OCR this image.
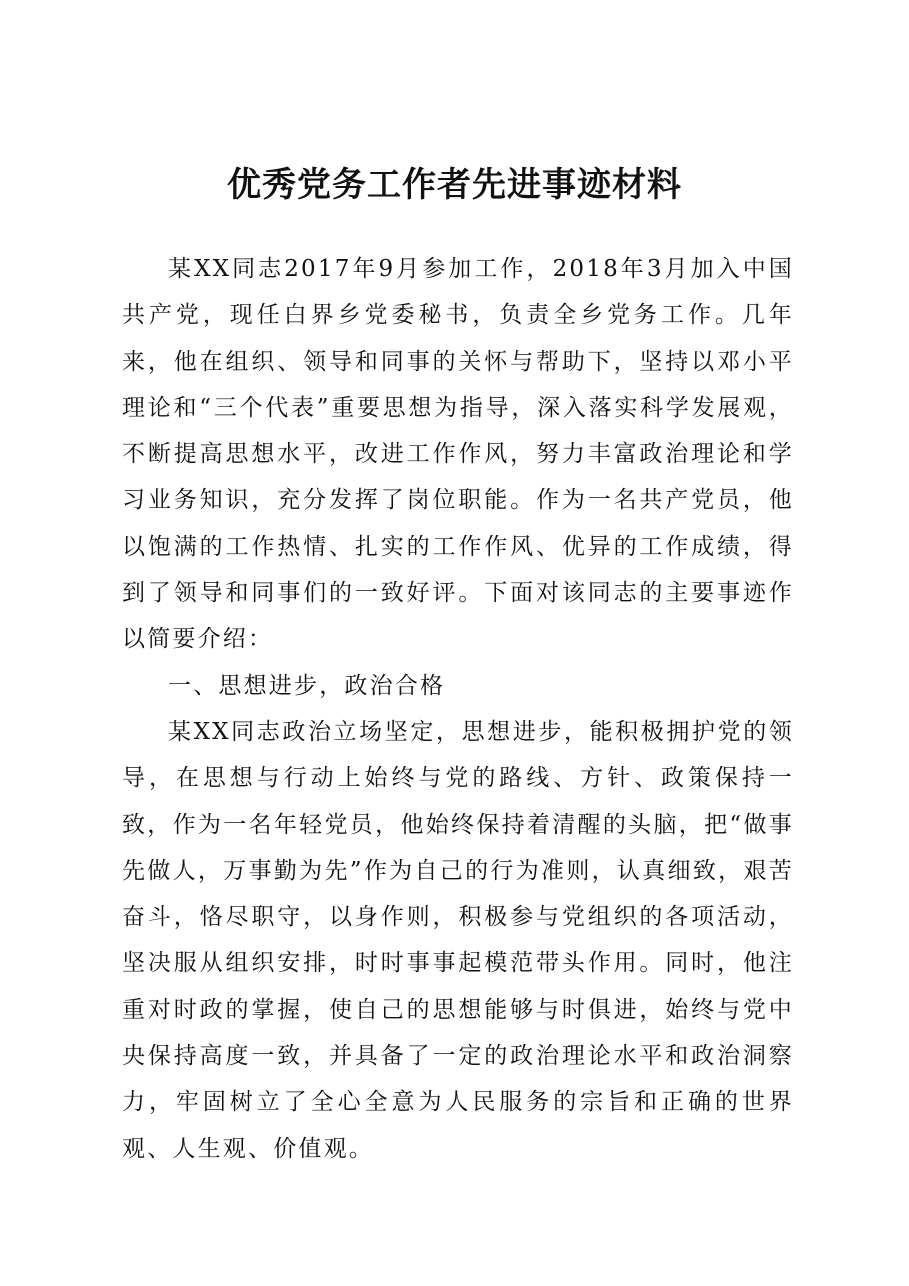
优秀党务工作者先进事迹材料

某XX同志2017年9月参加工作，2018年3月加入中国共产党，现任白界乡党委秘书，负责全乡党务工作。几年来，他在组织、领导和同事的关怀与帮助下，坚持以邓小平理论和“三个代表”重要思想为指导，深入落实科学发展观，不断提高思想水平，改进工作作风，努力丰富政治理论和学习业务知识，充分发挥了岗位职能。作为一名共产党员，他以饱满的工作热情、扎实的工作作风、优异的工作成绩，得到了领导和同事们的一致好评。下面对该同志的主要事迹作以简要介绍：

一、思想进步，政治合格

某XX同志政治立场坚定，思想进步，能积极拥护党的领导，在思想与行动上始终与党的路线、方针、政策保持一致，作为一名年轻党员，他始终保持着清醒的头脑，把“做事先做人，万事勤为先”作为自己的行为准则，认真细致，艰苦奋斗，恪尽职守，以身作则，积极参与党组织的各项活动，坚决服从组织安排，时时事事起模范带头作用。同时，他注重对时政的掌握，使自己的思想能够与时俱进，始终与党中央保持高度一致，并具备了一定的政治理论水平和政治洞察力，牢固树立了全心全意为人民服务的宗旨和正确的世界观、人生观、价值观。
